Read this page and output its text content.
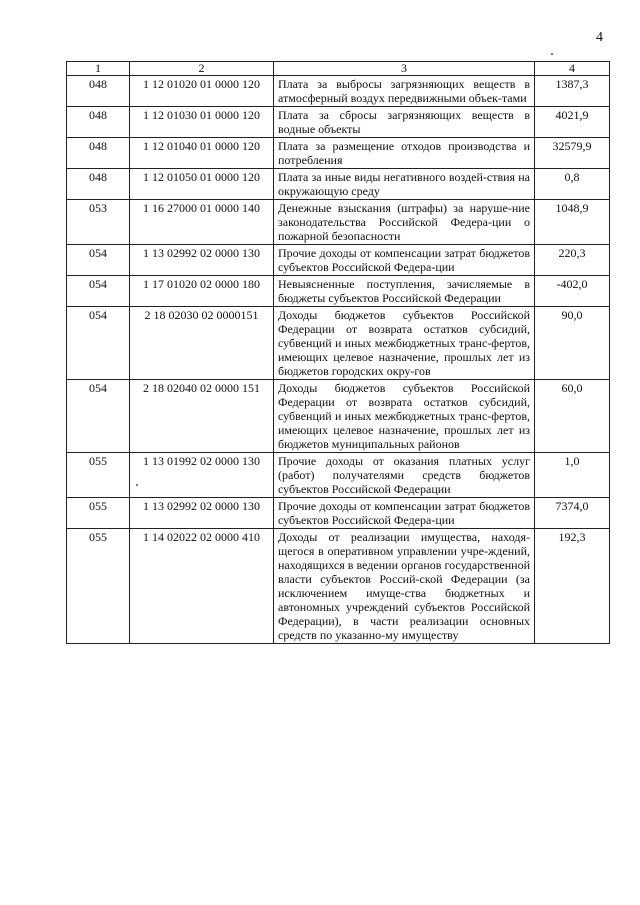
4
1	2	3	4
048	1 12 01020 01 0000 120	Плата за выбросы загрязняющих веществ в атмосферный воздух передвижными объек-тами	1387,3
048	1 12 01030 01 0000 120	Плата за сбросы загрязняющих веществ в водные объекты	4021,9
048	1 12 01040 01 0000 120	Плата за размещение отходов производства и потребления	32579,9
048	1 12 01050 01 0000 120	Плата за иные виды негативного воздей-ствия на окружающую среду	0,8
053	1 16 27000 01 0000 140	Денежные взыскания (штрафы) за наруше-ние законодательства Российской Федера-ции о пожарной безопасности	1048,9
054	1 13 02992 02 0000 130	Прочие доходы от компенсации затрат бюджетов субъектов Российской Федера-ции	220,3
054	1 17 01020 02 0000 180	Невыясненные поступления, зачисляемые в бюджеты субъектов Российской Федерации	-402,0
054	2 18 02030 02 0000151	Доходы бюджетов субъектов Российской Федерации от возврата остатков субсидий, субвенций и иных межбюджетных транс-фертов, имеющих целевое назначение, прошлых лет из бюджетов городских окру-гов	90,0
054	2 18 02040 02 0000 151	Доходы бюджетов субъектов Российской Федерации от возврата остатков субсидий, субвенций и иных межбюджетных транс-фертов, имеющих целевое назначение, прошлых лет из бюджетов муниципальных районов	60,0
055	1 13 01992 02 0000 130	Прочие доходы от оказания платных услуг (работ) получателями средств бюджетов субъектов Российской Федерации	1,0
055	1 13 02992 02 0000 130	Прочие доходы от компенсации затрат бюджетов субъектов Российской Федера-ции	7374,0
055	1 14 02022 02 0000 410	Доходы от реализации имущества, находя-щегося в оперативном управлении учре-ждений, находящихся в ведении органов государственной власти субъектов Россий-ской Федерации (за исключением имуще-ства бюджетных и автономных учреждений субъектов Российской Федерации), в части реализации основных средств по указанно-му имуществу	192,3
